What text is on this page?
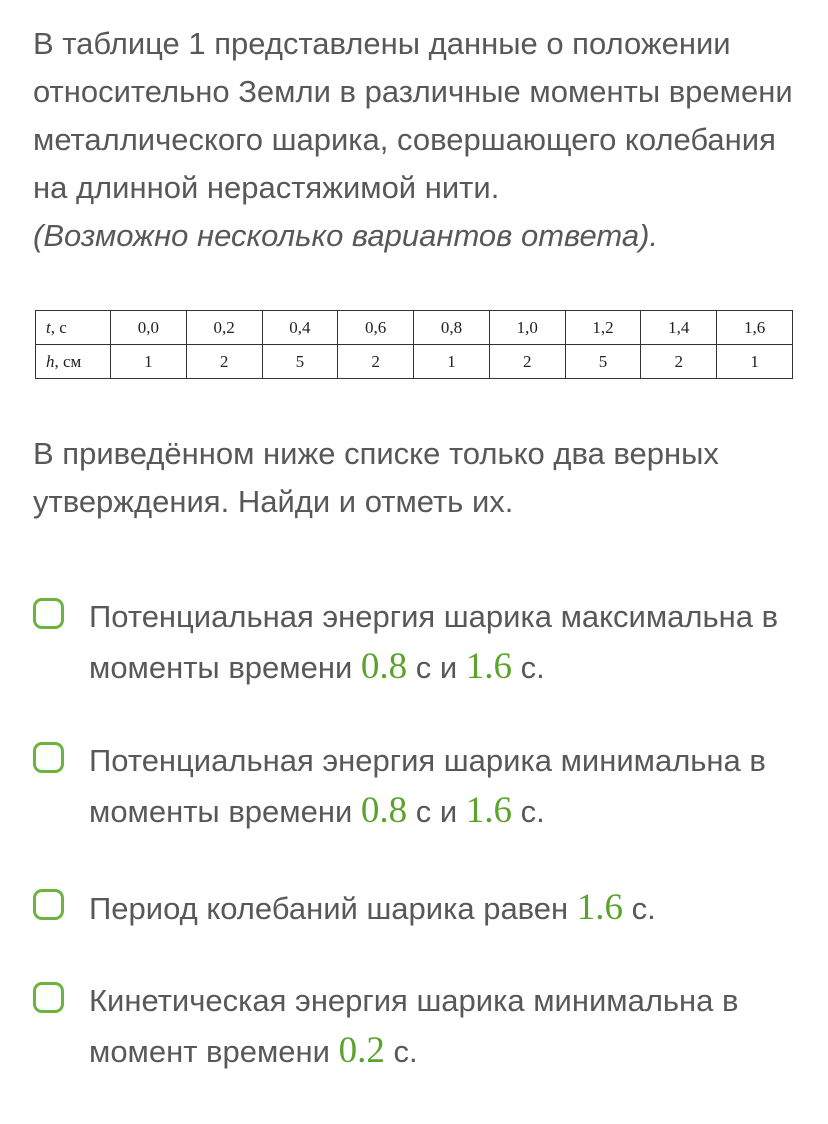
В таблице 1 представлены данные о положении относительно Земли в различные моменты времени металлического шарика, совершающего колебания на длинной нерастяжимой нити.
(Возможно несколько вариантов ответа).

t, с	0,0	0,2	0,4	0,6	0,8	1,0	1,2	1,4	1,6
h, см	1	2	5	2	1	2	5	2	1

В приведённом ниже списке только два верных утверждения. Найди и отметь их.

Потенциальная энергия шарика максимальна в моменты времени 0.8 с и 1.6 с.
Потенциальная энергия шарика минимальна в моменты времени 0.8 с и 1.6 с.
Период колебаний шарика равен 1.6 с.
Кинетическая энергия шарика минимальна в момент времени 0.2 с.
